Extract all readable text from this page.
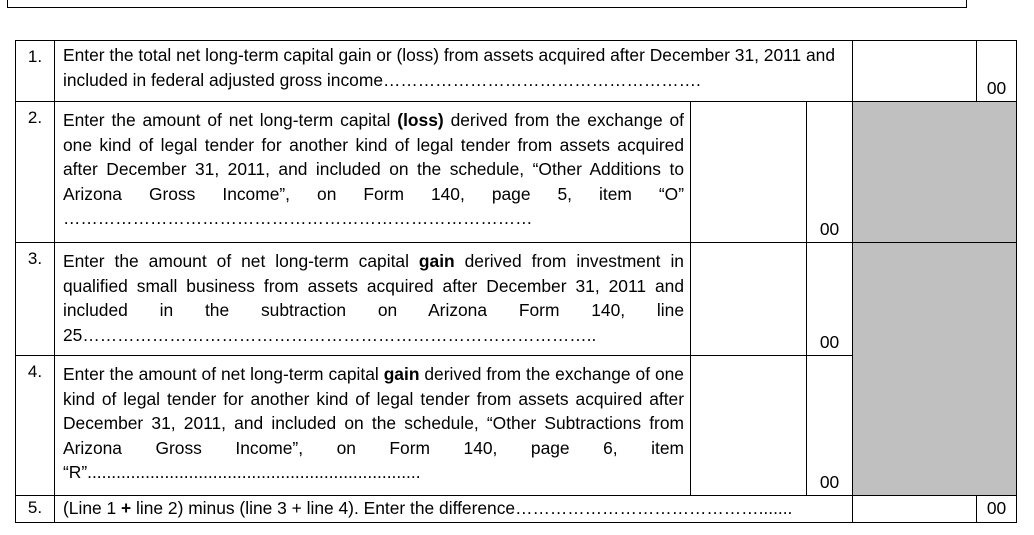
1.	Enter the total net long-term capital gain or (loss) from assets acquired after December 31, 2011 and included in federal adjusted gross income……………………………………………….				00
2.	Enter the amount of net long-term capital (loss) derived from the exchange of one kind of legal tender for another kind of legal tender from assets acquired after December 31, 2011, and included on the schedule, “Other Additions to Arizona Gross Income”, on Form 140, page 5, item “O” ………………………………………………………………………		00		
3.	Enter the amount of net long-term capital gain derived from investment in qualified small business from assets acquired after December 31, 2011 and included in the subtraction on Arizona Form 140, line 25……………………………………………………………………………..		00		
4.	Enter the amount of net long-term capital gain derived from the exchange of one kind of legal tender for another kind of legal tender from assets acquired after December 31, 2011, and included on the schedule, “Other Subtractions from Arizona Gross Income”, on Form 140, page 6, item “R”.....................................................................		00		
5.	(Line 1 + line 2) minus (line 3 + line 4). Enter the difference…………………………………….......				00
